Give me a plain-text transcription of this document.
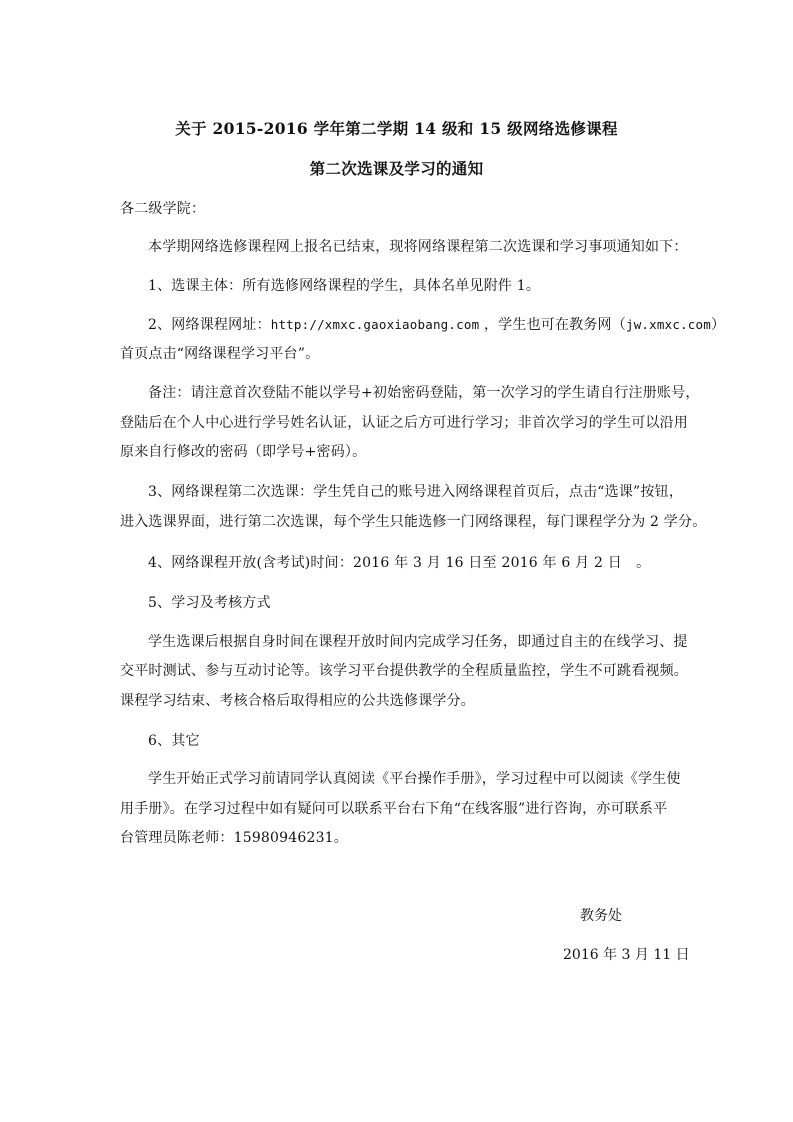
关于 2015-2016 学年第二学期 14 级和 15 级网络选修课程
第二次选课及学习的通知
各二级学院：
本学期网络选修课程网上报名已结束，现将网络课程第二次选课和学习事项通知如下：
1、选课主体：所有选修网络课程的学生，具体名单见附件 1。
2、网络课程网址：http://xmxc.gaoxiaobang.com ，学生也可在教务网（jw.xmxc.com）
首页点击“网络课程学习平台”。
备注：请注意首次登陆不能以学号+初始密码登陆，第一次学习的学生请自行注册账号，
登陆后在个人中心进行学号姓名认证，认证之后方可进行学习；非首次学习的学生可以沿用
原来自行修改的密码（即学号+密码）。
3、网络课程第二次选课：学生凭自己的账号进入网络课程首页后，点击“选课”按钮，
进入选课界面，进行第二次选课，每个学生只能选修一门网络课程，每门课程学分为 2 学分。
4、网络课程开放(含考试)时间：2016 年 3 月 16 日至 2016 年 6 月 2 日　。
5、学习及考核方式
学生选课后根据自身时间在课程开放时间内完成学习任务，即通过自主的在线学习、提
交平时测试、参与互动讨论等。该学习平台提供教学的全程质量监控，学生不可跳看视频。
课程学习结束、考核合格后取得相应的公共选修课学分。
6、其它
学生开始正式学习前请同学认真阅读《平台操作手册》，学习过程中可以阅读《学生使
用手册》。在学习过程中如有疑问可以联系平台右下角“在线客服”进行咨询，亦可联系平
台管理员陈老师：15980946231。
教务处
2016 年 3 月 11 日
